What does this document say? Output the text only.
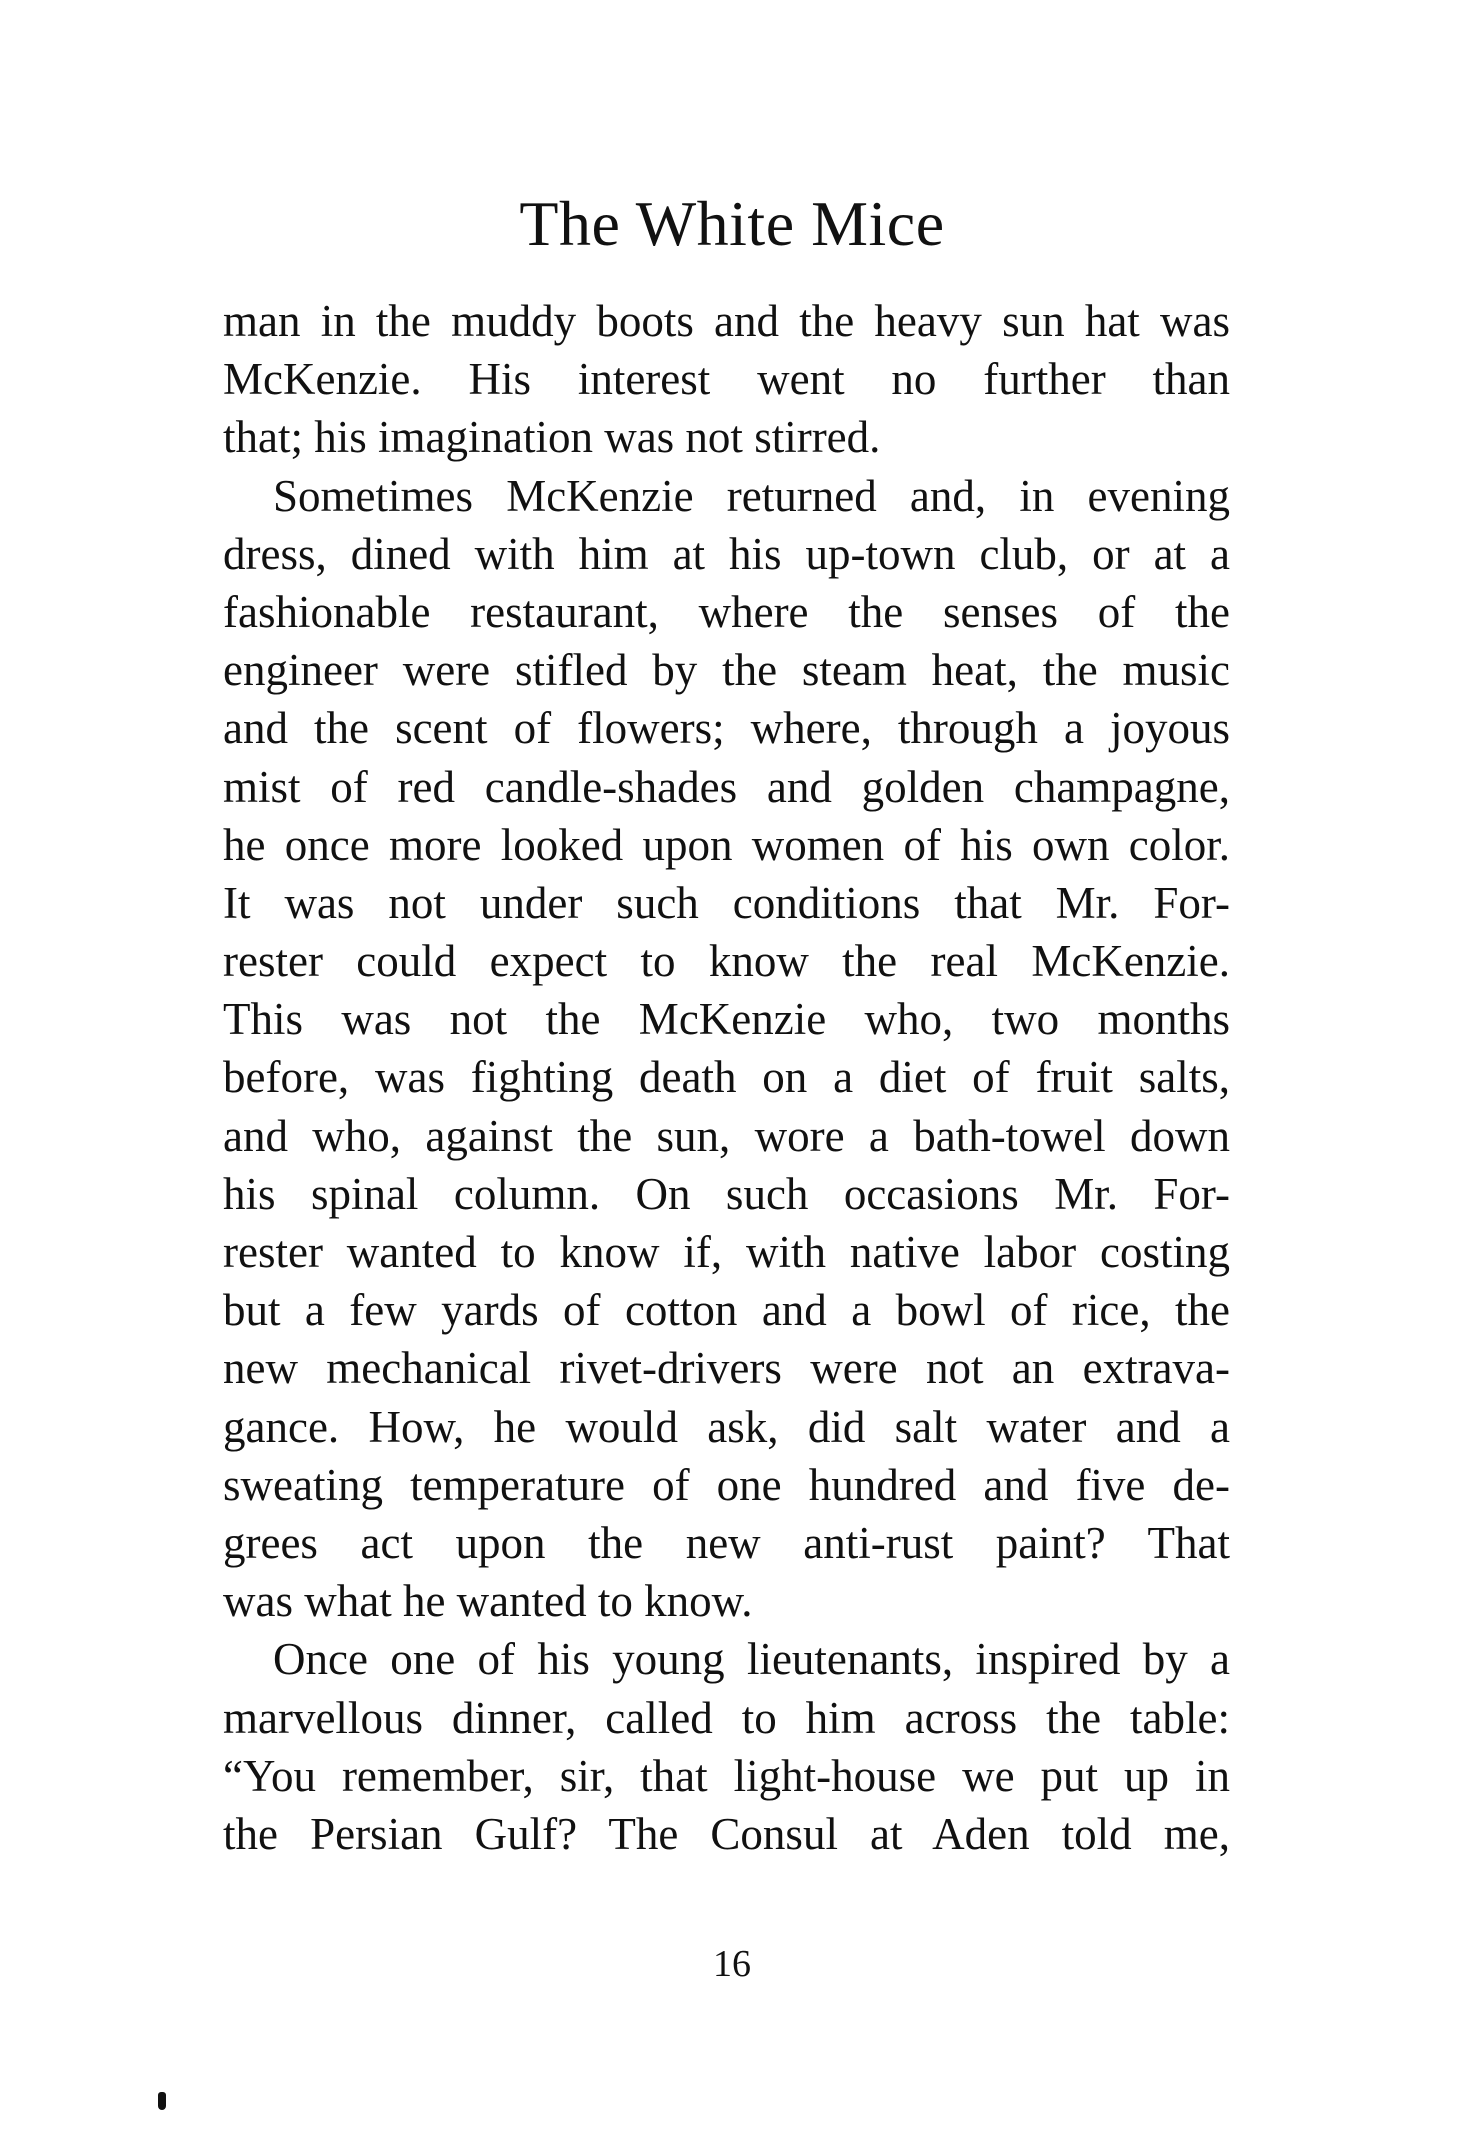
The White Mice
man in the muddy boots and the heavy sun hat was
McKenzie. His interest went no further than
that; his imagination was not stirred.
Sometimes McKenzie returned and, in evening
dress, dined with him at his up-town club, or at a
fashionable restaurant, where the senses of the
engineer were stifled by the steam heat, the music
and the scent of flowers; where, through a joyous
mist of red candle-shades and golden champagne,
he once more looked upon women of his own color.
It was not under such conditions that Mr. For-
rester could expect to know the real McKenzie.
This was not the McKenzie who, two months
before, was fighting death on a diet of fruit salts,
and who, against the sun, wore a bath-towel down
his spinal column. On such occasions Mr. For-
rester wanted to know if, with native labor costing
but a few yards of cotton and a bowl of rice, the
new mechanical rivet-drivers were not an extrava-
gance. How, he would ask, did salt water and a
sweating temperature of one hundred and five de-
grees act upon the new anti-rust paint? That
was what he wanted to know.
Once one of his young lieutenants, inspired by a
marvellous dinner, called to him across the table:
“You remember, sir, that light-house we put up in
the Persian Gulf? The Consul at Aden told me,
16
